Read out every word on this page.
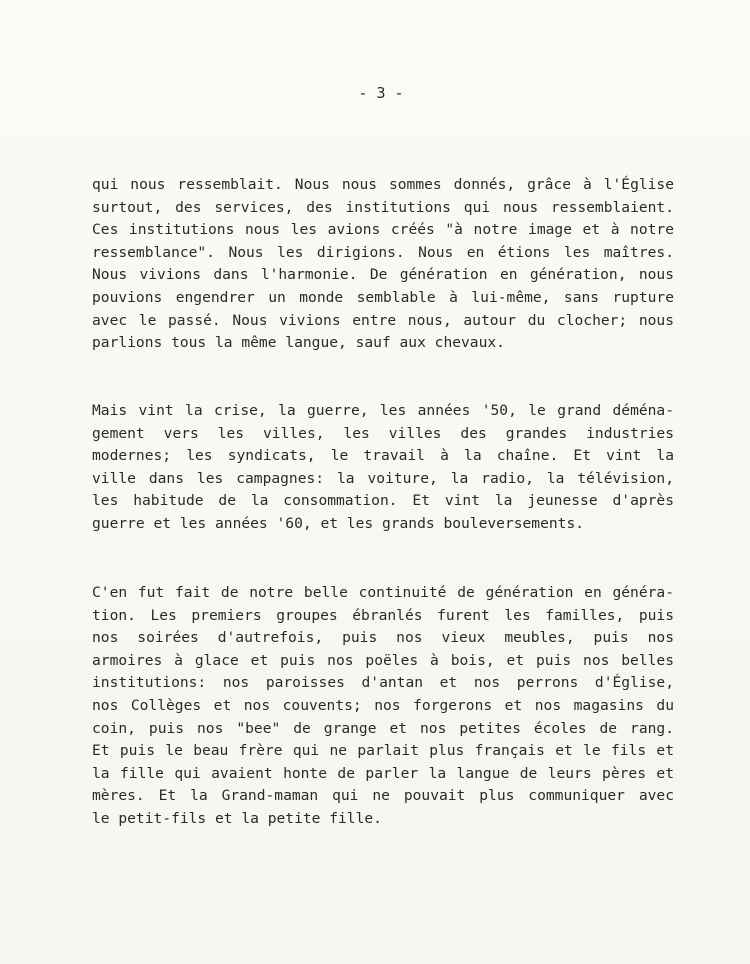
- 3 -
qui nous ressemblait. Nous nous sommes donnés, grâce à l'Église
surtout, des services, des institutions qui nous ressemblaient.
Ces institutions nous les avions créés "à notre image et à notre
ressemblance". Nous les dirigions. Nous en étions les maîtres.
Nous vivions dans l'harmonie. De génération en génération, nous
pouvions engendrer un monde semblable à lui-même, sans rupture
avec le passé. Nous vivions entre nous, autour du clocher; nous
parlions tous la même langue, sauf aux chevaux.
Mais vint la crise, la guerre, les années '50, le grand déména-
gement vers les villes, les villes des grandes industries
modernes; les syndicats, le travail à la chaîne. Et vint la
ville dans les campagnes: la voiture, la radio, la télévision,
les habitude de la consommation. Et vint la jeunesse d'après
guerre et les années '60, et les grands bouleversements.
C'en fut fait de notre belle continuité de génération en généra-
tion. Les premiers groupes ébranlés furent les familles, puis
nos soirées d'autrefois, puis nos vieux meubles, puis nos
armoires à glace et puis nos poëles à bois, et puis nos belles
institutions: nos paroisses d'antan et nos perrons d'Église,
nos Collèges et nos couvents; nos forgerons et nos magasins du
coin, puis nos "bee" de grange et nos petites écoles de rang.
Et puis le beau frère qui ne parlait plus français et le fils et
la fille qui avaient honte de parler la langue de leurs pères et
mères. Et la Grand-maman qui ne pouvait plus communiquer avec
le petit-fils et la petite fille.
